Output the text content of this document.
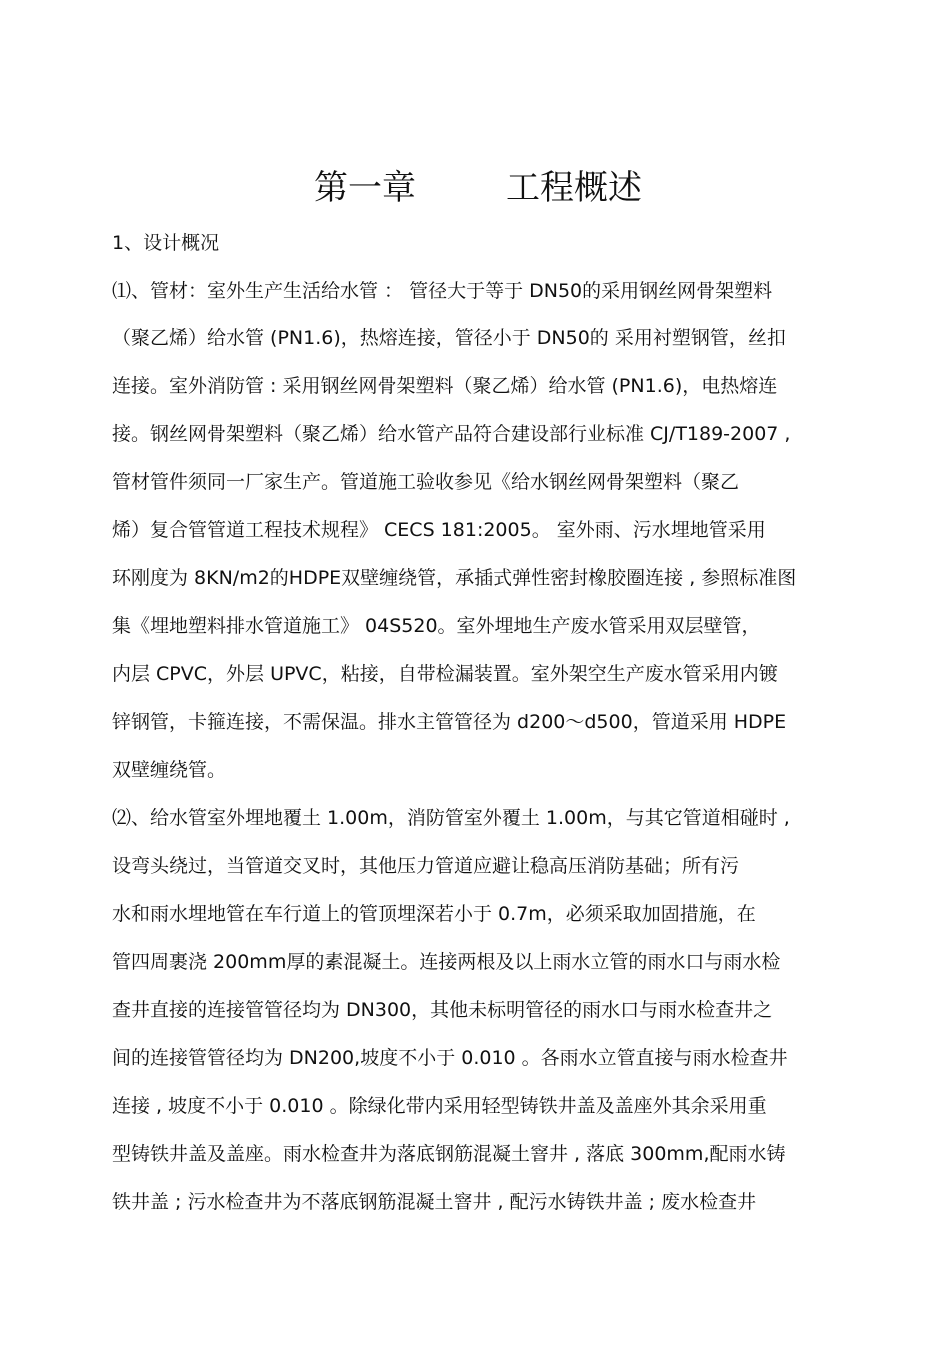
第一章	工程概述
1、设计概况
⑴、管材：室外生产生活给水管 ： 管径大于等于 DN50的采用钢丝网骨架塑料
（聚乙烯）给水管 (PN1.6)，热熔连接，管径小于 DN50的 采用衬塑钢管，丝扣
连接。室外消防管 : 采用钢丝网骨架塑料（聚乙烯）给水管 (PN1.6)，电热熔连
接。钢丝网骨架塑料（聚乙烯）给水管产品符合建设部行业标准 CJ/T189-2007 ,
管材管件须同一厂家生产。管道施工验收参见《给水钢丝网骨架塑料（聚乙
烯）复合管管道工程技术规程》 CECS 181:2005。 室外雨、污水埋地管采用
环刚度为 8KN/m2的HDPE双壁缠绕管，承插式弹性密封橡胶圈连接 , 参照标准图
集《埋地塑料排水管道施工》 04S520。室外埋地生产废水管采用双层壁管，
内层 CPVC，外层 UPVC，粘接，自带检漏装置。室外架空生产废水管采用内镀
锌钢管，卡箍连接，不需保温。排水主管管径为 d200～d500，管道采用 HDPE
双壁缠绕管。
⑵、给水管室外埋地覆土 1.00m，消防管室外覆土 1.00m，与其它管道相碰时 ,
设弯头绕过，当管道交叉时，其他压力管道应避让稳高压消防基础；所有污
水和雨水埋地管在车行道上的管顶埋深若小于 0.7m，必须采取加固措施，在
管四周裹浇 200mm厚的素混凝土。连接两根及以上雨水立管的雨水口与雨水检
查井直接的连接管管径均为 DN300，其他未标明管径的雨水口与雨水检查井之
间的连接管管径均为 DN200,坡度不小于 0.010 。各雨水立管直接与雨水检查井
连接 , 坡度不小于 0.010 。除绿化带内采用轻型铸铁井盖及盖座外其余采用重
型铸铁井盖及盖座。雨水检查井为落底钢筋混凝土窨井 , 落底 300mm,配雨水铸
铁井盖 ; 污水检查井为不落底钢筋混凝土窨井 , 配污水铸铁井盖 ; 废水检查井
